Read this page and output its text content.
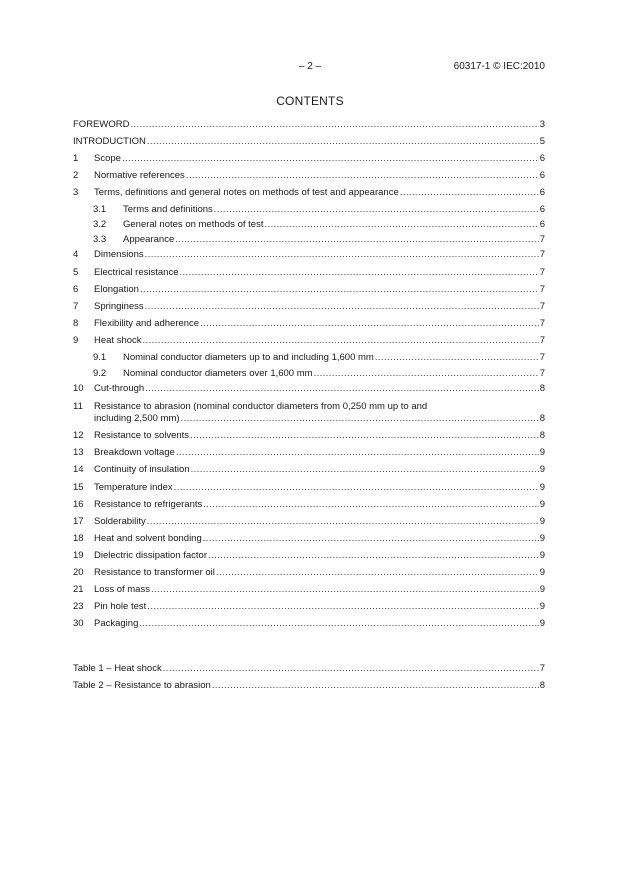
– 2 –	60317-1 © IEC:2010
CONTENTS
FOREWORD .....	3
INTRODUCTION .....	5
1	Scope .....	6
2	Normative references .....	6
3	Terms, definitions and general notes on methods of test and appearance .....	6
3.1	Terms and definitions .....	6
3.2	General notes on methods of test .....	6
3.3	Appearance .....	7
4	Dimensions .....	7
5	Electrical resistance .....	7
6	Elongation .....	7
7	Springiness .....	7
8	Flexibility and adherence .....	7
9	Heat shock .....	7
9.1	Nominal conductor diameters up to and including 1,600 mm .....	7
9.2	Nominal conductor diameters over 1,600 mm .....	7
10	Cut-through .....	8
11 Resistance to abrasion (nominal conductor diameters from 0,250 mm up to and
including 2,500 mm) .....	8
12	Resistance to solvents .....	8
13	Breakdown voltage .....	9
14	Continuity of insulation .....	9
15	Temperature index .....	9
16	Resistance to refrigerants .....	9
17	Solderability .....	9
18	Heat and solvent bonding .....	9
19	Dielectric dissipation factor .....	9
20	Resistance to transformer oil .....	9
21	Loss of mass .....	9
23	Pin hole test .....	9
30	Packaging .....	9
Table 1 – Heat shock .....	7
Table 2 – Resistance to abrasion .....	8
